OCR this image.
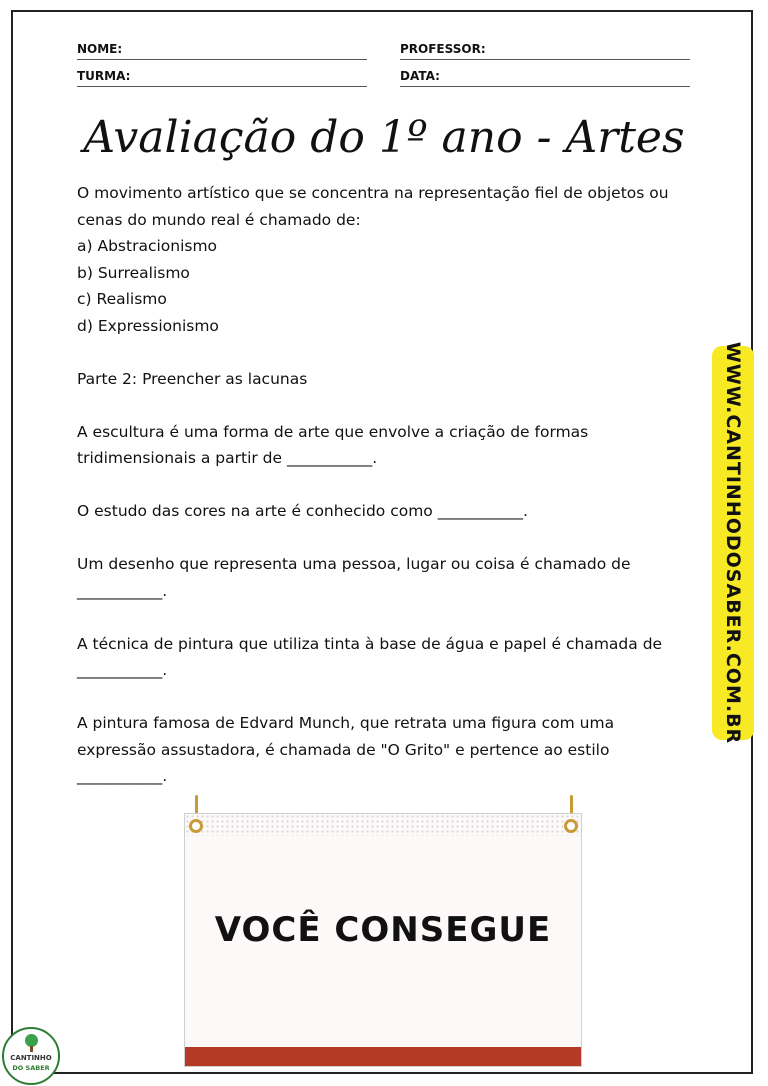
NOME:	PROFESSOR:
TURMA:	DATA:
Avaliação do 1º ano - Artes

O movimento artístico que se concentra na representação fiel de objetos ou

cenas do mundo real é chamado de:

a) Abstracionismo

b) Surrealismo

c) Realismo

d) Expressionismo

Parte 2: Preencher as lacunas

A escultura é uma forma de arte que envolve a criação de formas

tridimensionais a partir de ___________.

O estudo das cores na arte é conhecido como ___________.

Um desenho que representa uma pessoa, lugar ou coisa é chamado de

___________.

A técnica de pintura que utiliza tinta à base de água e papel é chamada de

___________.

A pintura famosa de Edvard Munch, que retrata uma figura com uma

expressão assustadora, é chamada de "O Grito" e pertence ao estilo

___________.

WWW.CANTINHODOSABER.COM.BR
VOCÊ CONSEGUE
CANTINHO
DO SABER
